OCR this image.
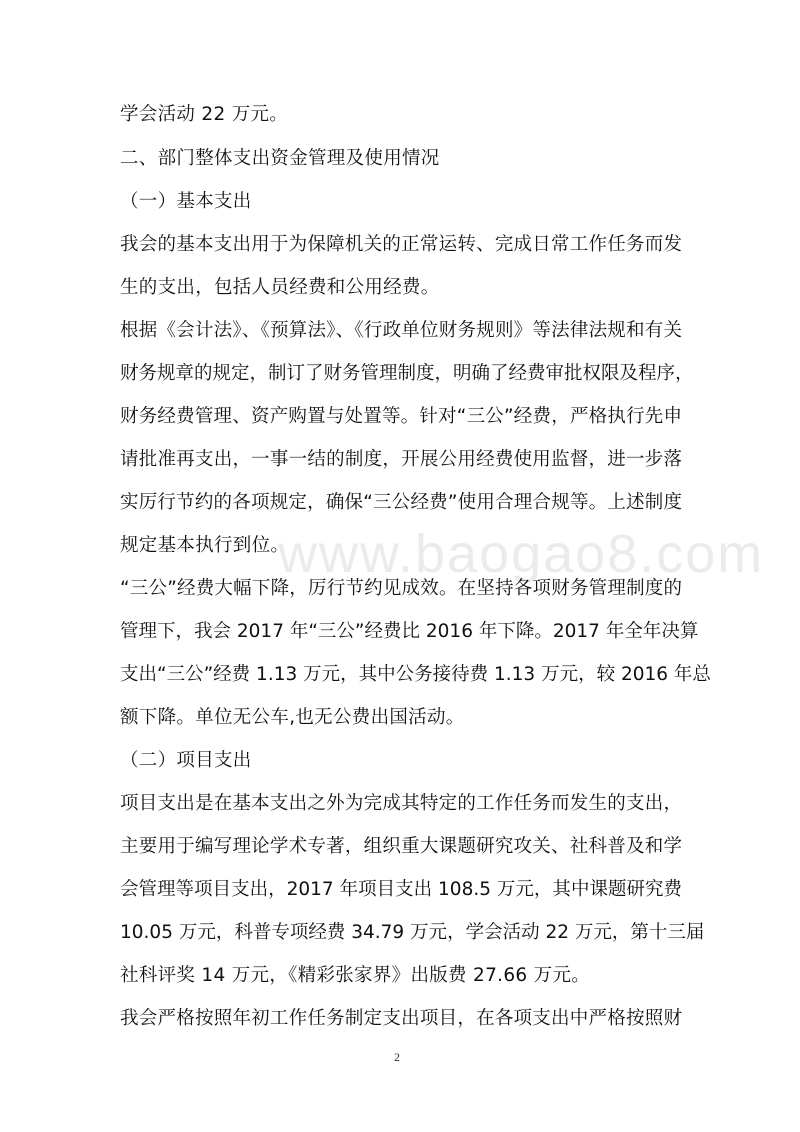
www.baogao8.com
学会活动 22 万元。
二、部门整体支出资金管理及使用情况
（一）基本支出
我会的基本支出用于为保障机关的正常运转、完成日常工作任务而发
生的支出，包括人员经费和公用经费。
根据《会计法》、《预算法》、《行政单位财务规则》等法律法规和有关
财务规章的规定，制订了财务管理制度，明确了经费审批权限及程序，
财务经费管理、资产购置与处置等。针对“三公”经费，严格执行先申
请批准再支出，一事一结的制度，开展公用经费使用监督，进一步落
实厉行节约的各项规定，确保“三公经费”使用合理合规等。上述制度
规定基本执行到位。
“三公”经费大幅下降，厉行节约见成效。在坚持各项财务管理制度的
管理下，我会 2017 年“三公”经费比 2016 年下降。2017 年全年决算
支出“三公”经费 1.13 万元，其中公务接待费 1.13 万元，较 2016 年总
额下降。单位无公车,也无公费出国活动。
（二）项目支出
项目支出是在基本支出之外为完成其特定的工作任务而发生的支出，
主要用于编写理论学术专著，组织重大课题研究攻关、社科普及和学
会管理等项目支出，2017 年项目支出 108.5 万元，其中课题研究费
10.05 万元，科普专项经费 34.79 万元，学会活动 22 万元，第十三届
社科评奖 14 万元，《精彩张家界》出版费 27.66 万元。
我会严格按照年初工作任务制定支出项目，在各项支出中严格按照财
2
